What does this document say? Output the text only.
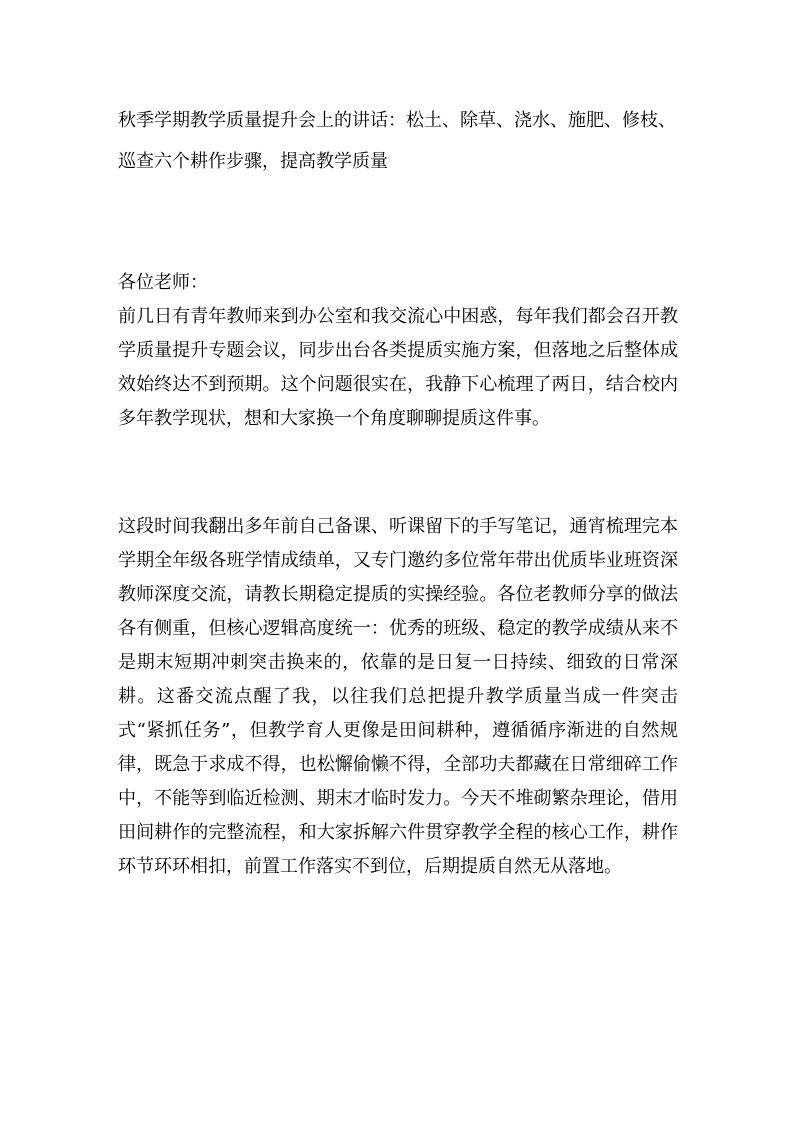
秋季学期教学质量提升会上的讲话：松土、除草、浇水、施肥、修枝、巡查六个耕作步骤，提高教学质量

各位老师：

前几日有青年教师来到办公室和我交流心中困惑，每年我们都会召开教学质量提升专题会议，同步出台各类提质实施方案，但落地之后整体成效始终达不到预期。这个问题很实在，我静下心梳理了两日，结合校内多年教学现状，想和大家换一个角度聊聊提质这件事。

这段时间我翻出多年前自己备课、听课留下的手写笔记，通宵梳理完本学期全年级各班学情成绩单，又专门邀约多位常年带出优质毕业班资深教师深度交流，请教长期稳定提质的实操经验。各位老教师分享的做法各有侧重，但核心逻辑高度统一：优秀的班级、稳定的教学成绩从来不是期末短期冲刺突击换来的，依靠的是日复一日持续、细致的日常深耕。这番交流点醒了我，以往我们总把提升教学质量当成一件突击式“紧抓任务”，但教学育人更像是田间耕种，遵循循序渐进的自然规律，既急于求成不得，也松懈偷懒不得，全部功夫都藏在日常细碎工作中，不能等到临近检测、期末才临时发力。今天不堆砌繁杂理论，借用田间耕作的完整流程，和大家拆解六件贯穿教学全程的核心工作，耕作环节环环相扣，前置工作落实不到位，后期提质自然无从落地。
